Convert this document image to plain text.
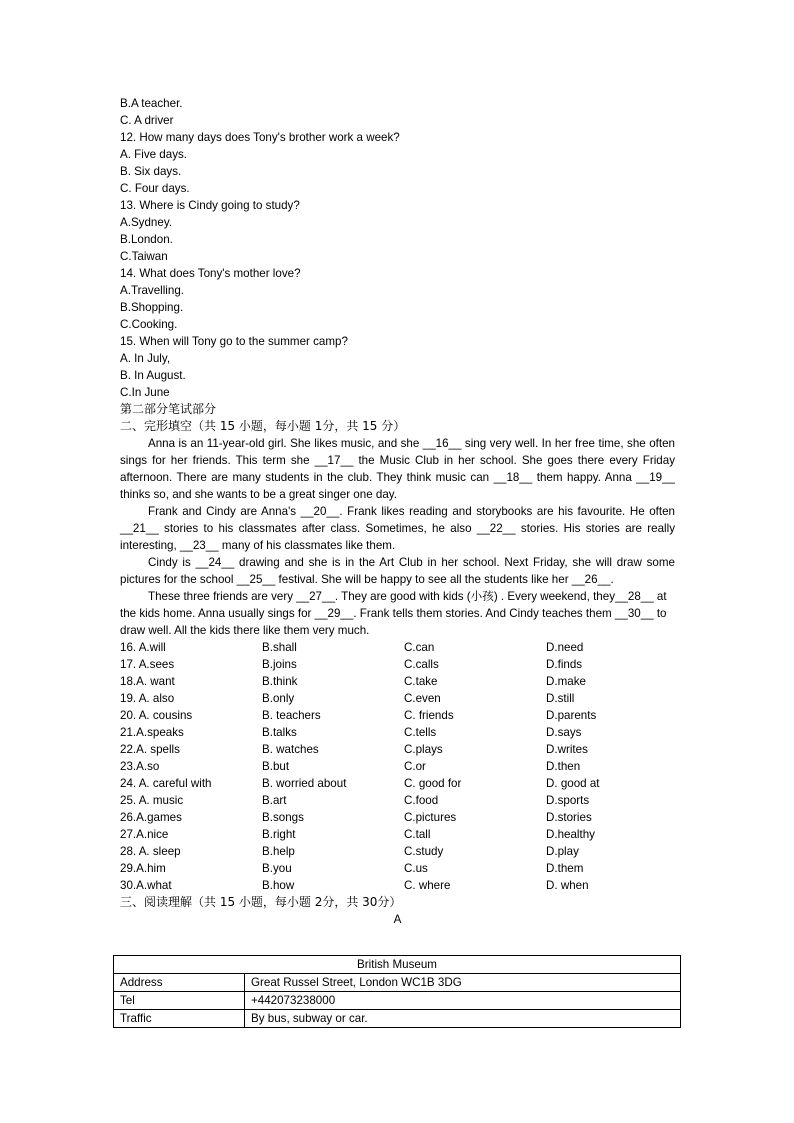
B.A teacher.
C. A driver
12. How many days does Tony's brother work a week?
A. Five days.
B. Six days.
C. Four days.
13. Where is Cindy going to study?
A.Sydney.
B.London.
C.Taiwan
14. What does Tony's mother love?
A.Travelling.
B.Shopping.
C.Cooking.
15. When will Tony go to the summer camp?
A. In July,
B. In August.
C.In June
第二部分笔试部分
二、完形填空（共 15 小题，每小题 1分，共 15 分）
Anna is an 11-year-old girl. She likes music, and she __16__ sing very well. In her free time, she often sings for her friends. This term she __17__ the Music Club in her school. She goes there every Friday afternoon. There are many students in the club. They think music can __18__ them happy. Anna __19__ thinks so, and she wants to be a great singer one day.
Frank and Cindy are Anna's __20__. Frank likes reading and storybooks are his favourite. He often __21__ stories to his classmates after class. Sometimes, he also __22__ stories. His stories are really interesting, __23__ many of his classmates like them.
Cindy is __24__ drawing and she is in the Art Club in her school. Next Friday, she will draw some pictures for the school __25__ festival. She will be happy to see all the students like her __26__.
These three friends are very __27__. They are good with kids (小孩) . Every weekend, they__28__ at the kids home. Anna usually sings for __29__. Frank tells them stories. And Cindy teaches them __30__ to draw well. All the kids there like them very much.
16. A.will	B.shall	C.can	D.need
17. A.sees	B.joins	C.calls	D.finds
18.A. want	B.think	C.take	D.make
19. A. also	B.only	C.even	D.still
20. A. cousins	B. teachers	C. friends	D.parents
21.A.speaks	B.talks	C.tells	D.says
22.A. spells	B. watches	C.plays	D.writes
23.A.so	B.but	C.or	D.then
24. A. careful with	B. worried about	C. good for	D. good at
25. A. music	B.art	C.food	D.sports
26.A.games	B.songs	C.pictures	D.stories
27.A.nice	B.right	C.tall	D.healthy
28. A. sleep	B.help	C.study	D.play
29.A.him	B.you	C.us	D.them
30.A.what	B.how	C. where	D. when
三、阅读理解（共 15 小题，每小题 2分，共 30分）
A
British Museum	
Address	Great Russel Street, London WC1B 3DG
Tel	+442073238000
Traffic	By bus, subway or car.
